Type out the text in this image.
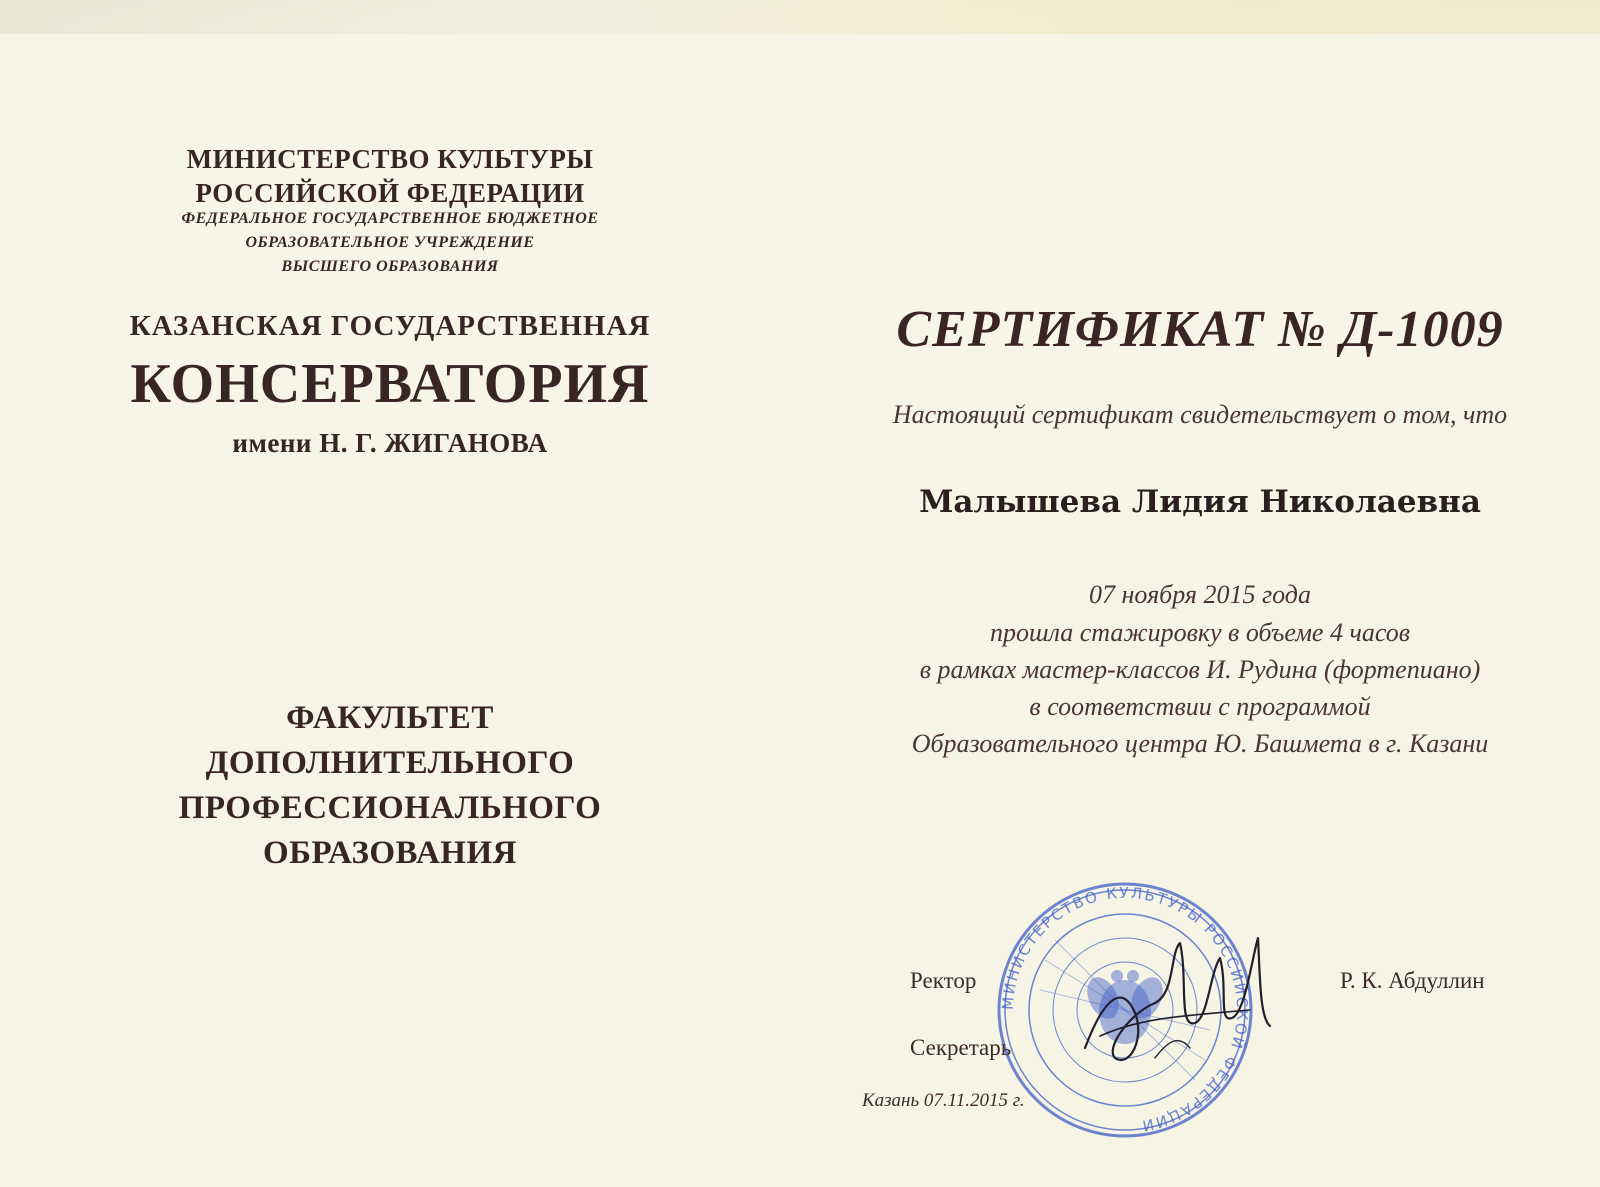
МИНИСТЕРСТВО КУЛЬТУРЫ
РОССИЙСКОЙ ФЕДЕРАЦИИ
ФЕДЕРАЛЬНОЕ ГОСУДАРСТВЕННОЕ БЮДЖЕТНОЕ
ОБРАЗОВАТЕЛЬНОЕ УЧРЕЖДЕНИЕ
ВЫСШЕГО ОБРАЗОВАНИЯ
КАЗАНСКАЯ ГОСУДАРСТВЕННАЯ
КОНСЕРВАТОРИЯ
имени Н. Г. ЖИГАНОВА
ФАКУЛЬТЕТ
ДОПОЛНИТЕЛЬНОГО
ПРОФЕССИОНАЛЬНОГО
ОБРАЗОВАНИЯ
СЕРТИФИКАТ № Д-1009
Настоящий сертификат свидетельствует о том, что
Малышева Лидия Николаевна
07 ноября 2015 года
прошла стажировку в объеме 4 часов
в рамках мастер-классов И. Рудина (фортепиано)
в соответствии с программой
Образовательного центра Ю. Башмета в г. Казани
МИНИСТЕРСТВО КУЛЬТУРЫ РОССИЙСКОЙ ФЕДЕРАЦИИ
Ректор	Р. К. Абдуллин
Секретарь
Казань 07.11.2015 г.
